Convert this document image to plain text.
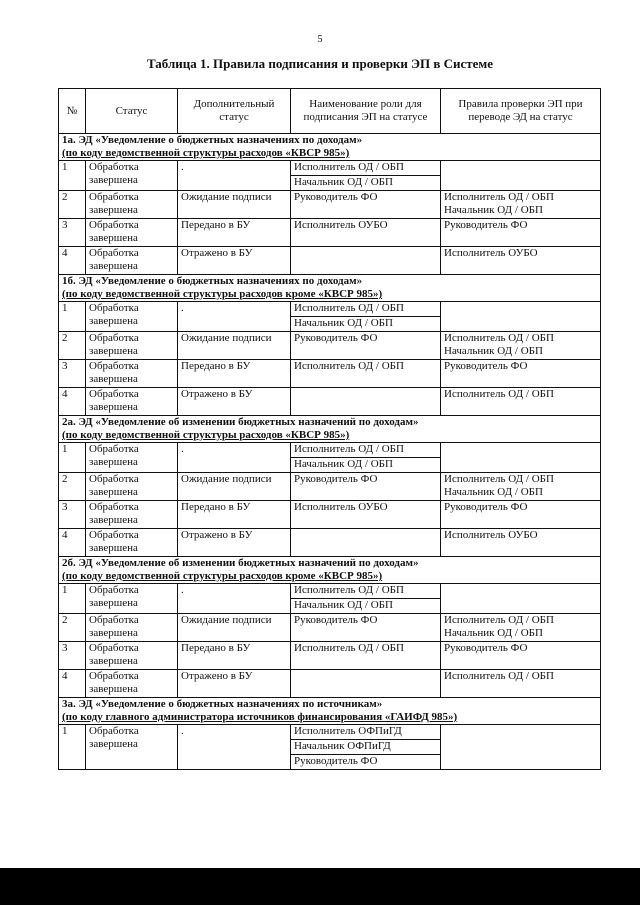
5
Таблица 1. Правила подписания и проверки ЭП в Системе
№	Статус	Дополнительный статус	Наименование роли для подписания ЭП на статусе	Правила проверки ЭП при переводе ЭД на статус

1а. ЭД «Уведомление о бюджетных назначениях по доходам»
(по коду ведомственной структуры расходов «КВСР 985»)				

1	Обработка завершена	.	Исполнитель ОД / ОБП
Начальник ОД / ОБП	

2	Обработка завершена	Ожидание подписи	Руководитель ФО	Исполнитель ОД / ОБП
Начальник ОД / ОБП

3	Обработка завершена	Передано в БУ	Исполнитель ОУБО	Руководитель ФО

4	Обработка завершена	Отражено в БУ		Исполнитель ОУБО

1б. ЭД «Уведомление о бюджетных назначениях по доходам»
(по коду ведомственной структуры расходов кроме «КВСР 985»)				

1	Обработка завершена	.	Исполнитель ОД / ОБП
Начальник ОД / ОБП	

2	Обработка завершена	Ожидание подписи	Руководитель ФО	Исполнитель ОД / ОБП
Начальник ОД / ОБП

3	Обработка завершена	Передано в БУ	Исполнитель ОД / ОБП	Руководитель ФО

4	Обработка завершена	Отражено в БУ		Исполнитель ОД / ОБП

2а. ЭД «Уведомление об изменении бюджетных назначений по доходам»
(по коду ведомственной структуры расходов «КВСР 985»)				

1	Обработка завершена	.	Исполнитель ОД / ОБП
Начальник ОД / ОБП	

2	Обработка завершена	Ожидание подписи	Руководитель ФО	Исполнитель ОД / ОБП
Начальник ОД / ОБП

3	Обработка завершена	Передано в БУ	Исполнитель ОУБО	Руководитель ФО

4	Обработка завершена	Отражено в БУ		Исполнитель ОУБО

2б. ЭД «Уведомление об изменении бюджетных назначений по доходам»
(по коду ведомственной структуры расходов кроме «КВСР 985»)				

1	Обработка завершена	.	Исполнитель ОД / ОБП
Начальник ОД / ОБП	

2	Обработка завершена	Ожидание подписи	Руководитель ФО	Исполнитель ОД / ОБП
Начальник ОД / ОБП

3	Обработка завершена	Передано в БУ	Исполнитель ОД / ОБП	Руководитель ФО

4	Обработка завершена	Отражено в БУ		Исполнитель ОД / ОБП

3а. ЭД «Уведомление о бюджетных назначениях по источникам»
(по коду главного администратора источников финансирования «ГАИФД 985»)				

1	Обработка завершена	.	Исполнитель ОФПиГД
Начальник ОФПиГД
Руководитель ФО	
